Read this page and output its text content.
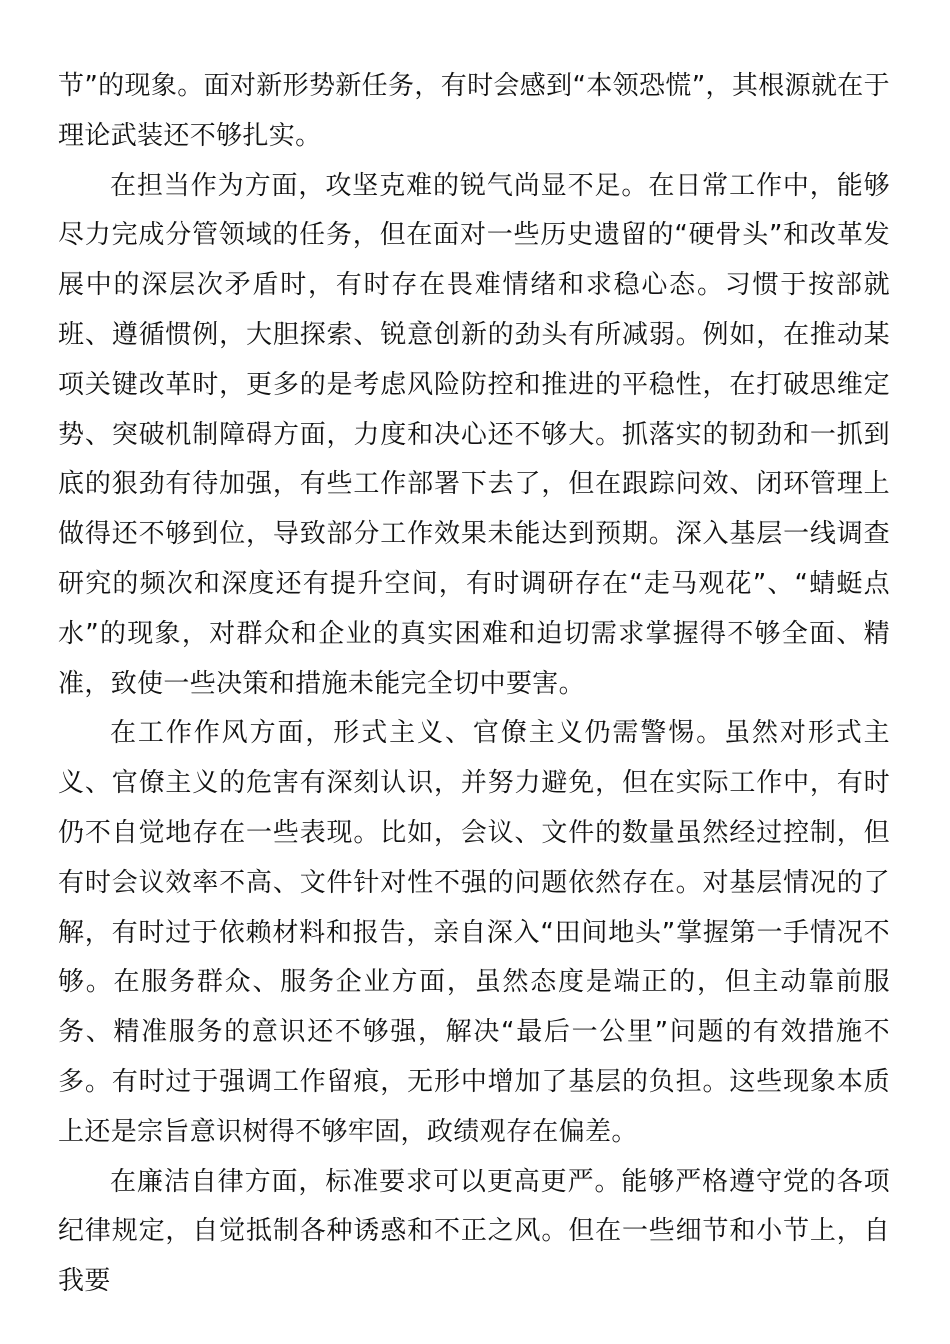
节”的现象。面对新形势新任务，有时会感到“本领恐慌”，其根源就在于理论武装还不够扎实。

在担当作为方面，攻坚克难的锐气尚显不足。在日常工作中，能够尽力完成分管领域的任务，但在面对一些历史遗留的“硬骨头”和改革发展中的深层次矛盾时，有时存在畏难情绪和求稳心态。习惯于按部就班、遵循惯例，大胆探索、锐意创新的劲头有所减弱。例如，在推动某项关键改革时，更多的是考虑风险防控和推进的平稳性，在打破思维定势、突破机制障碍方面，力度和决心还不够大。抓落实的韧劲和一抓到底的狠劲有待加强，有些工作部署下去了，但在跟踪问效、闭环管理上做得还不够到位，导致部分工作效果未能达到预期。深入基层一线调查研究的频次和深度还有提升空间，有时调研存在“走马观花”、“蜻蜓点水”的现象，对群众和企业的真实困难和迫切需求掌握得不够全面、精准，致使一些决策和措施未能完全切中要害。

在工作作风方面，形式主义、官僚主义仍需警惕。虽然对形式主义、官僚主义的危害有深刻认识，并努力避免，但在实际工作中，有时仍不自觉地存在一些表现。比如，会议、文件的数量虽然经过控制，但有时会议效率不高、文件针对性不强的问题依然存在。对基层情况的了解，有时过于依赖材料和报告，亲自深入“田间地头”掌握第一手情况不够。在服务群众、服务企业方面，虽然态度是端正的，但主动靠前服务、精准服务的意识还不够强，解决“最后一公里”问题的有效措施不多。有时过于强调工作留痕，无形中增加了基层的负担。这些现象本质上还是宗旨意识树得不够牢固，政绩观存在偏差。

在廉洁自律方面，标准要求可以更高更严。能够严格遵守党的各项纪律规定，自觉抵制各种诱惑和不正之风。但在一些细节和小节上，自我要
